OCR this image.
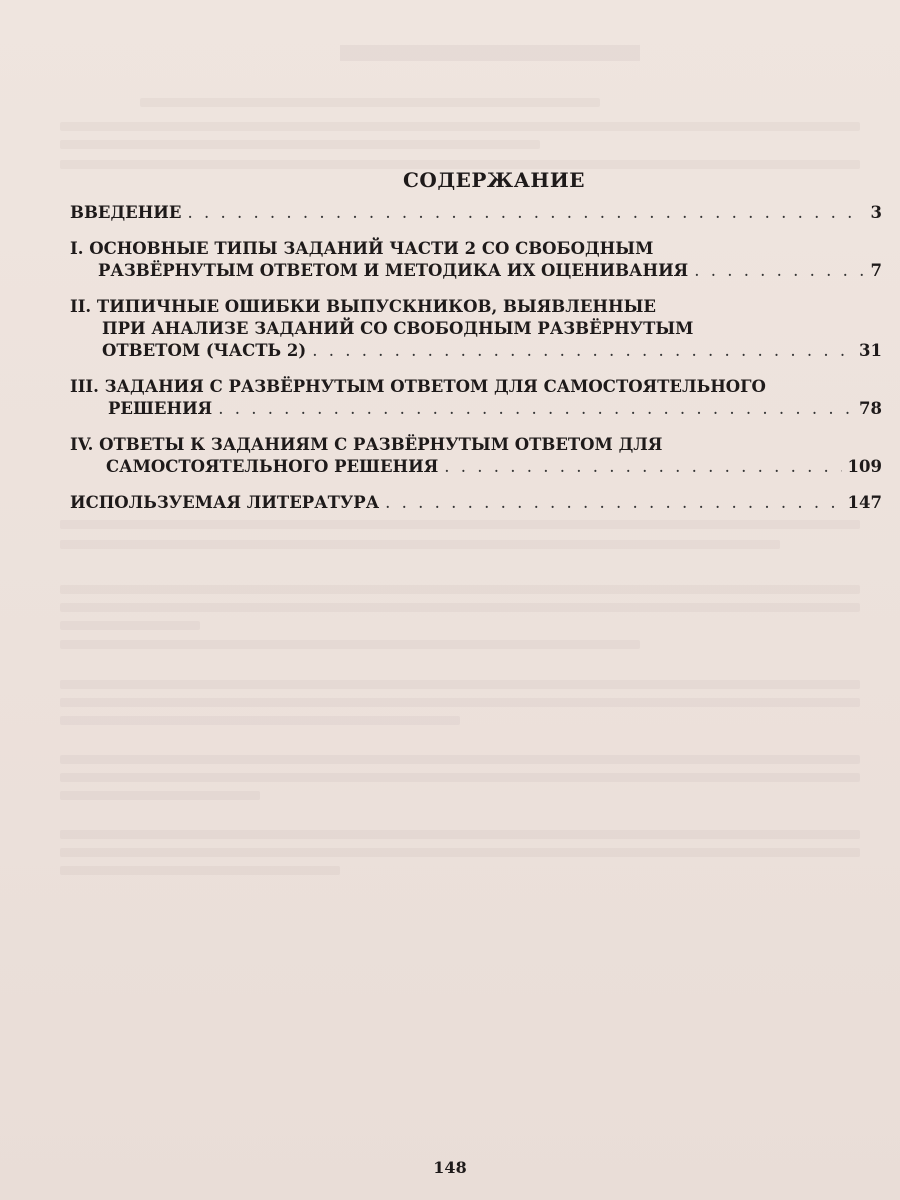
СОДЕРЖАНИЕ
ВВЕДЕНИЕ . . .	3
I. ОСНОВНЫЕ ТИПЫ ЗАДАНИЙ ЧАСТИ 2 СО СВОБОДНЫМ
РАЗВЁРНУТЫМ ОТВЕТОМ И МЕТОДИКА ИХ ОЦЕНИВАНИЯ . . .	7
II. ТИПИЧНЫЕ ОШИБКИ ВЫПУСКНИКОВ, ВЫЯВЛЕННЫЕ
ПРИ АНАЛИЗЕ ЗАДАНИЙ СО СВОБОДНЫМ РАЗВЁРНУТЫМ
ОТВЕТОМ (ЧАСТЬ 2) . . .	31
III. ЗАДАНИЯ С РАЗВЁРНУТЫМ ОТВЕТОМ ДЛЯ САМОСТОЯТЕЛЬНОГО
РЕШЕНИЯ . . .	78
IV. ОТВЕТЫ К ЗАДАНИЯМ С РАЗВЁРНУТЫМ ОТВЕТОМ ДЛЯ
САМОСТОЯТЕЛЬНОГО РЕШЕНИЯ . . .	109
ИСПОЛЬЗУЕМАЯ ЛИТЕРАТУРА . . .	147
148
